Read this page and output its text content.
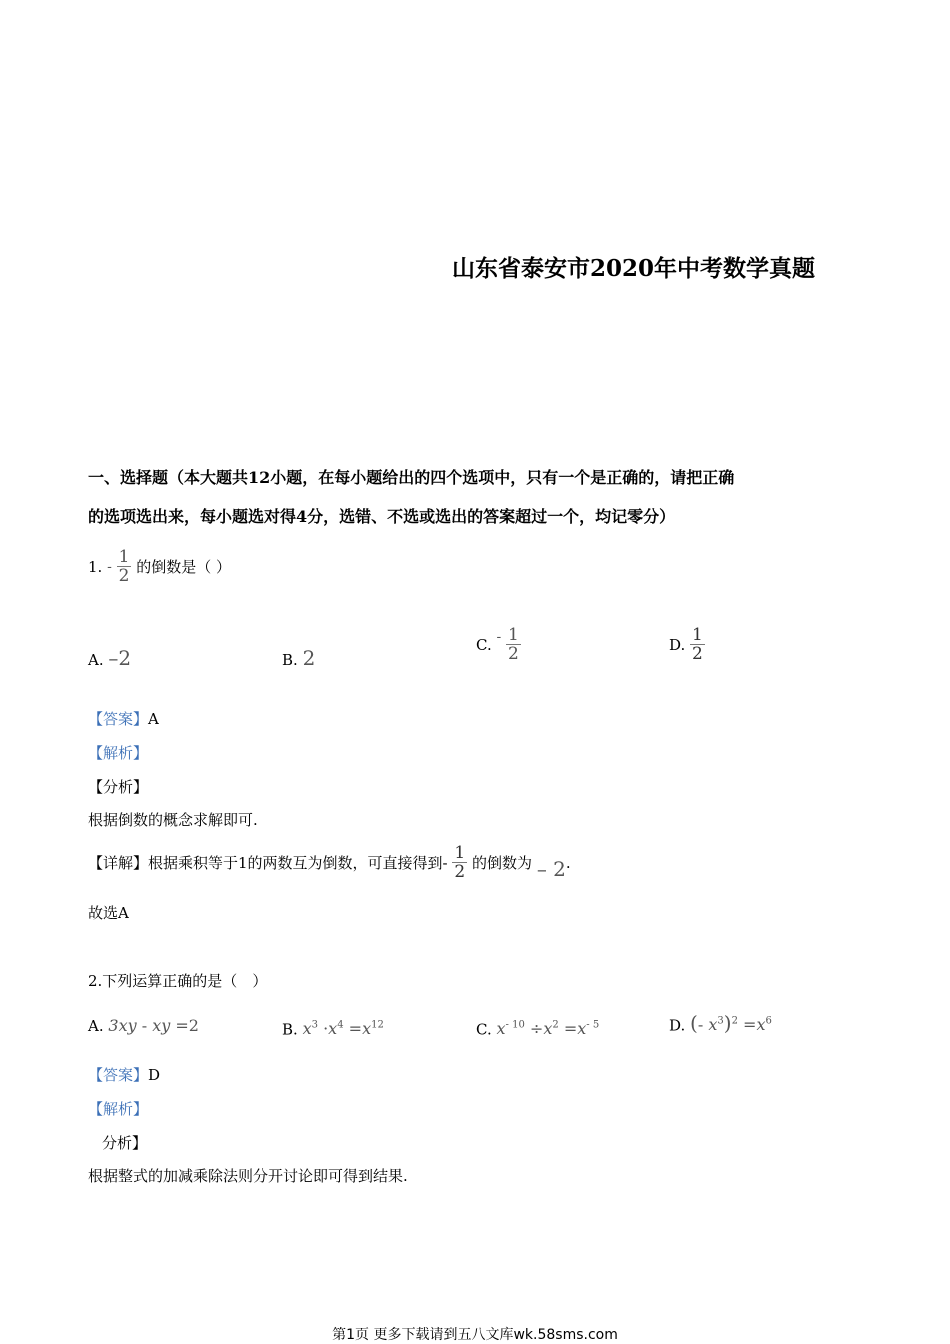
山东省泰安市2020年中考数学真题
一、选择题（本大题共12小题，在每小题给出的四个选项中，只有一个是正确的，请把正确
的选项选出来，每小题选对得4分，选错、不选或选出的答案超过一个，均记零分）
1. - $\frac{1}{2}$ 的倒数是（ ）
A. –2	B. 2
C. - $\frac{1}{2}$	D. $\frac{1}{2}$
【答案】A
【解析】
【分析】
根据倒数的概念求解即可.
【详解】根据乘积等于1的两数互为倒数，可直接得到- $\frac{1}{2}$ 的倒数为 – 2.
故选A
2.下列运算正确的是（　）
A. 3xy - xy =2	B. $x^3 \cdot x^4 =x^{12}$	C. $x^{- 10} \div x^2 =x^{- 5}$	D. (- $x^3)^2 =x^6$
【答案】D
【解析】
分析】
根据整式的加减乘除法则分开讨论即可得到结果.
第1页 更多下载请到五八文库wk.58sms.com
